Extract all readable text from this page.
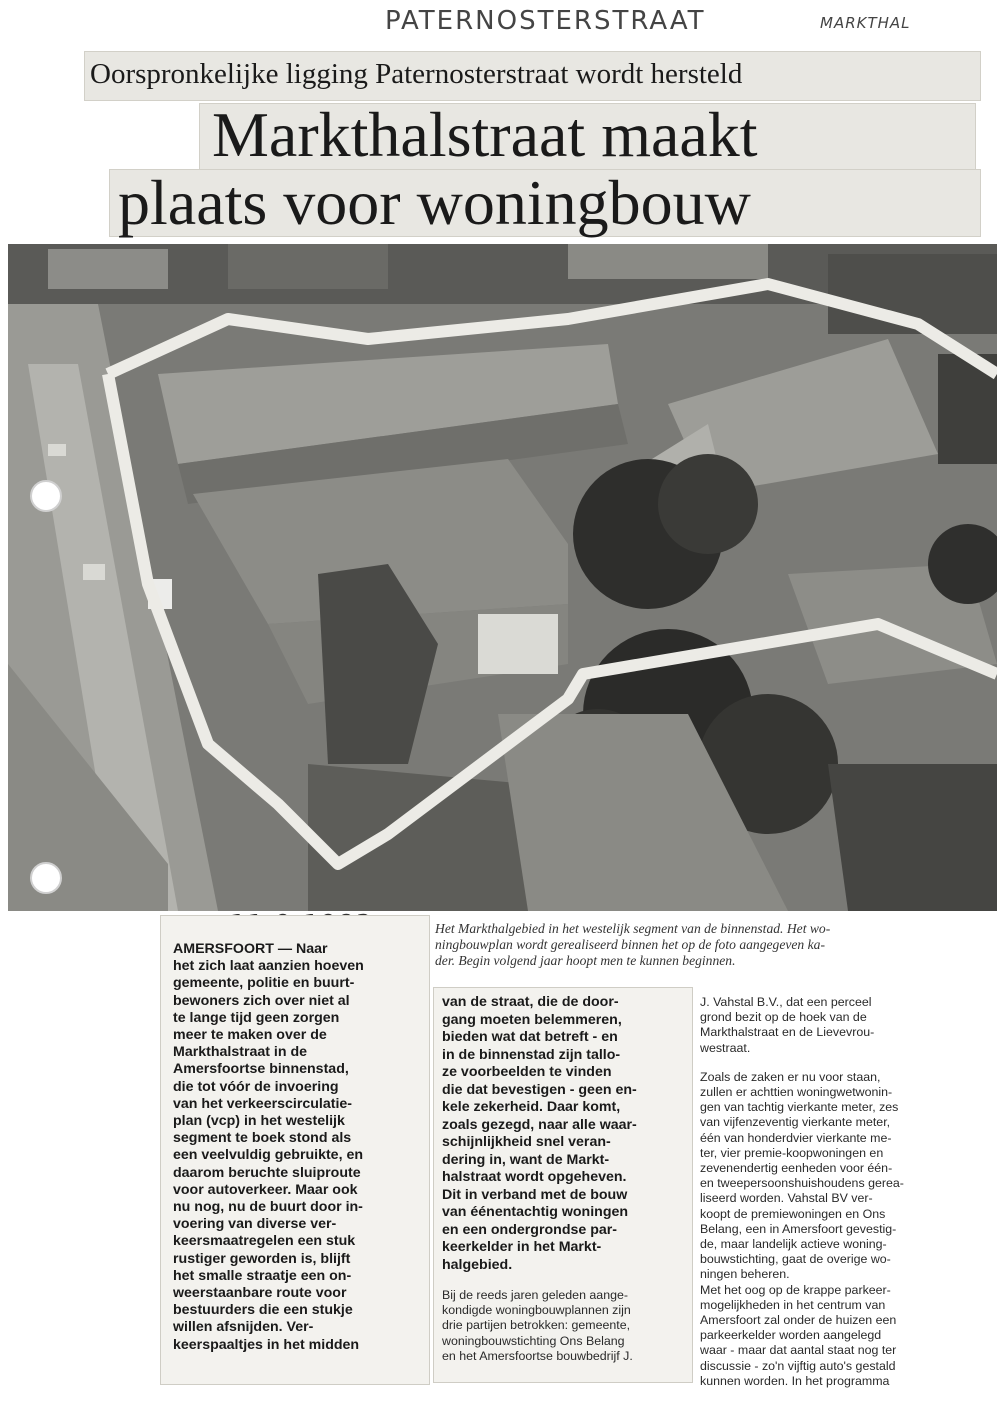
PATERNOSTERSTRAAT	MARKTHAL
Oorspronkelijke ligging Paternosterstraat wordt hersteld
Markthalstraat maakt
plaats voor woningbouw
Het Markthalgebied in het westelijk segment van de binnenstad. Het wo-
ningbouwplan wordt gerealiseerd binnen het op de foto aangegeven ka-
der. Begin volgend jaar hoopt men te kunnen beginnen.
AMERSFOORT — Naar
het zich laat aanzien hoeven
gemeente, politie en buurt-
bewoners zich over niet al
te lange tijd geen zorgen
meer te maken over de
Markthalstraat in de
Amersfoortse binnenstad,
die tot vóór de invoering
van het verkeerscirculatie-
plan (vcp) in het westelijk
segment te boek stond als
een veelvuldig gebruikte, en
daarom beruchte sluiproute
voor autoverkeer. Maar ook
nu nog, nu de buurt door in-
voering van diverse ver-
keersmaatregelen een stuk
rustiger geworden is, blijft
het smalle straatje een on-
weerstaanbare route voor
bestuurders die een stukje
willen afsnijden. Ver-
keerspaaltjes in het midden
van de straat, die de door-
gang moeten belemmeren,
bieden wat dat betreft - en
in de binnenstad zijn tallo-
ze voorbeelden te vinden
die dat bevestigen - geen en-
kele zekerheid. Daar komt,
zoals gezegd, naar alle waar-
schijnlijkheid snel veran-
dering in, want de Markt-
halstraat wordt opgeheven.
Dit in verband met de bouw
van éénentachtig woningen
en een ondergrondse par-
keerkelder in het Markt-
halgebied.
Bij de reeds jaren geleden aange-
kondigde woningbouwplannen zijn
drie partijen betrokken: gemeente,
woningbouwstichting Ons Belang
en het Amersfoortse bouwbedrijf J.
J. Vahstal B.V., dat een perceel
grond bezit op de hoek van de
Markthalstraat en de Lievevrou-
westraat.
Zoals de zaken er nu voor staan,
zullen er achttien woningwetwonin-
gen van tachtig vierkante meter, zes
van vijfenzeventig vierkante meter,
één van honderdvier vierkante me-
ter, vier premie-koopwoningen en
zevenendertig eenheden voor één-
en tweepersoonshuishoudens gerea-
liseerd worden. Vahstal BV ver-
koopt de premiewoningen en Ons
Belang, een in Amersfoort gevestig-
de, maar landelijk actieve woning-
bouwstichting, gaat de overige wo-
ningen beheren.
Met het oog op de krappe parkeer-
mogelijkheden in het centrum van
Amersfoort zal onder de huizen een
parkeerkelder worden aangelegd
waar - maar dat aantal staat nog ter
discussie - zo'n vijftig auto's gestald
kunnen worden. In het programma
